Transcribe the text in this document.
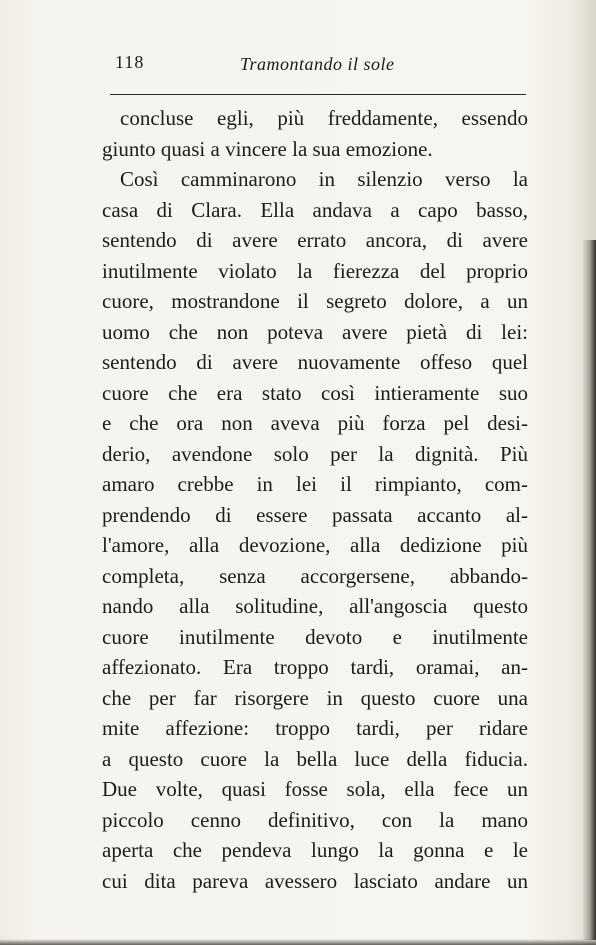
118	Tramontando il sole
concluse egli, più freddamente, essendo
giunto quasi a vincere la sua emozione.
Così camminarono in silenzio verso la
casa di Clara. Ella andava a capo basso,
sentendo di avere errato ancora, di avere
inutilmente violato la fierezza del proprio
cuore, mostrandone il segreto dolore, a un
uomo che non poteva avere pietà di lei:
sentendo di avere nuovamente offeso quel
cuore che era stato così intieramente suo
e che ora non aveva più forza pel desi-
derio, avendone solo per la dignità. Più
amaro crebbe in lei il rimpianto, com-
prendendo di essere passata accanto al-
l'amore, alla devozione, alla dedizione più
completa, senza accorgersene, abbando-
nando alla solitudine, all'angoscia questo
cuore inutilmente devoto e inutilmente
affezionato. Era troppo tardi, oramai, an-
che per far risorgere in questo cuore una
mite affezione: troppo tardi, per ridare
a questo cuore la bella luce della fiducia.
Due volte, quasi fosse sola, ella fece un
piccolo cenno definitivo, con la mano
aperta che pendeva lungo la gonna e le
cui dita pareva avessero lasciato andare un
